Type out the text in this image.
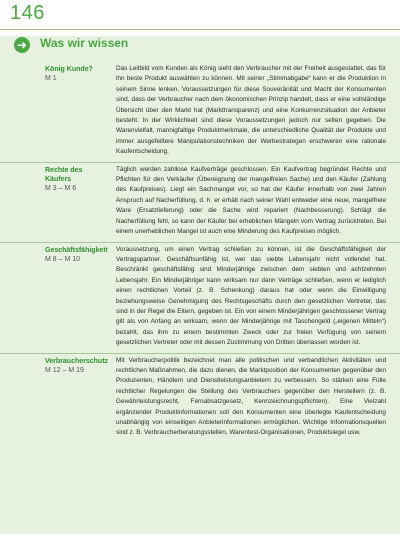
146
➜ Was wir wissen
König Kunde?
M 1
Das Leitbild vom Kunden als König sieht den Verbraucher mit der Freiheit ausgestattet, das für ihn beste Produkt auswählen zu können. Mit seiner „Stimmabgabe“ kann er die Produktion in seinem Sinne lenken. Voraussetzungen für diese Souveränität und Macht der Konsumenten sind, dass der Verbraucher nach dem ökonomischen Prinzip handelt, dass er eine vollständige Übersicht über den Markt hat (Markttransparenz) und eine Konkurrenzsituation der Anbieter besteht. In der Wirklichkeit sind diese Voraussetzungen jedoch nur selten gegeben. Die Warenvielfalt, mannigfaltige Produktmerkmale, die unterschiedliche Qualität der Produkte und immer ausgefeiltere Manipulationstechniken der Werbestrategen erschweren eine rationale Kaufentscheidung.
Rechte des Käufers
M 3 – M 6
Täglich werden zahllose Kaufverträge geschlossen. Ein Kaufvertrag begründet Rechte und Pflichten für den Verkäufer (Übereignung der mangelfreien Sache) und den Käufer (Zahlung des Kaufpreises). Liegt ein Sachmangel vor, so hat der Käufer innerhalb von zwei Jahren Anspruch auf Nacherfüllung, d. h. er erhält nach seiner Wahl entweder eine neue, mangelfreie Ware (Ersatzlieferung) oder die Sache wird repariert (Nachbesserung). Schlägt die Nacherfüllung fehl, so kann der Käufer bei erheblichen Mängeln vom Vertrag zurücktreten. Bei einem unerheblichen Mangel ist auch eine Minderung des Kaufpreises möglich.
Geschäftsfähigkeit
M 8 – M 10
Voraussetzung, um einen Vertrag schließen zu können, ist die Geschäftsfähigkeit der Vertragspartner. Geschäftsunfähig ist, wer das siebte Lebensjahr nicht vollendet hat. Beschränkt geschäftsfähig sind Minderjährige zwischen dem siebten und achtzehnten Lebensjahr. Ein Minderjähriger kann wirksam nur dann Verträge schließen, wenn er lediglich einen rechtlichen Vorteil (z. B. Schenkung) daraus hat oder wenn die Einwilligung beziehungsweise Genehmigung des Rechtsgeschäfts durch den gesetzlichen Vertreter, das sind in der Regel die Eltern, gegeben ist. Ein von einem Minderjährigen geschlossener Vertrag gilt als von Anfang an wirksam, wenn der Minderjährige mit Taschengeld („eigenen Mitteln“) bezahlt, das ihm zu einem bestimmten Zweck oder zur freien Verfügung von seinem gesetzlichen Vertreter oder mit dessen Zustimmung von Dritten überlassen worden ist.
Verbraucherschutz
M 12 – M 19
Mit Verbraucherpolitik bezeichnet man alle politischen und verbandlichen Aktivitäten und rechtlichen Maßnahmen, die dazu dienen, die Marktposition der Konsumenten gegenüber den Produzenten, Händlern und Dienstleistungsanbietern zu verbessern. So stärken eine Fülle rechtlicher Regelungen die Stellung des Verbrauchers gegenüber den Herstellern (z. B. Gewährleistungsrecht, Fernabsatzgesetz, Kennzeichnungspflichten). Eine Vielzahl ergänzender Produktinformationen soll den Konsumenten eine überlegte Kaufentscheidung unabhängig von einseitigen Anbieterinformationen ermöglichen. Wichtige Informationsquellen sind z. B. Verbraucherberatungsstellen, Warentest-Organisationen, Produktsiegel usw.
